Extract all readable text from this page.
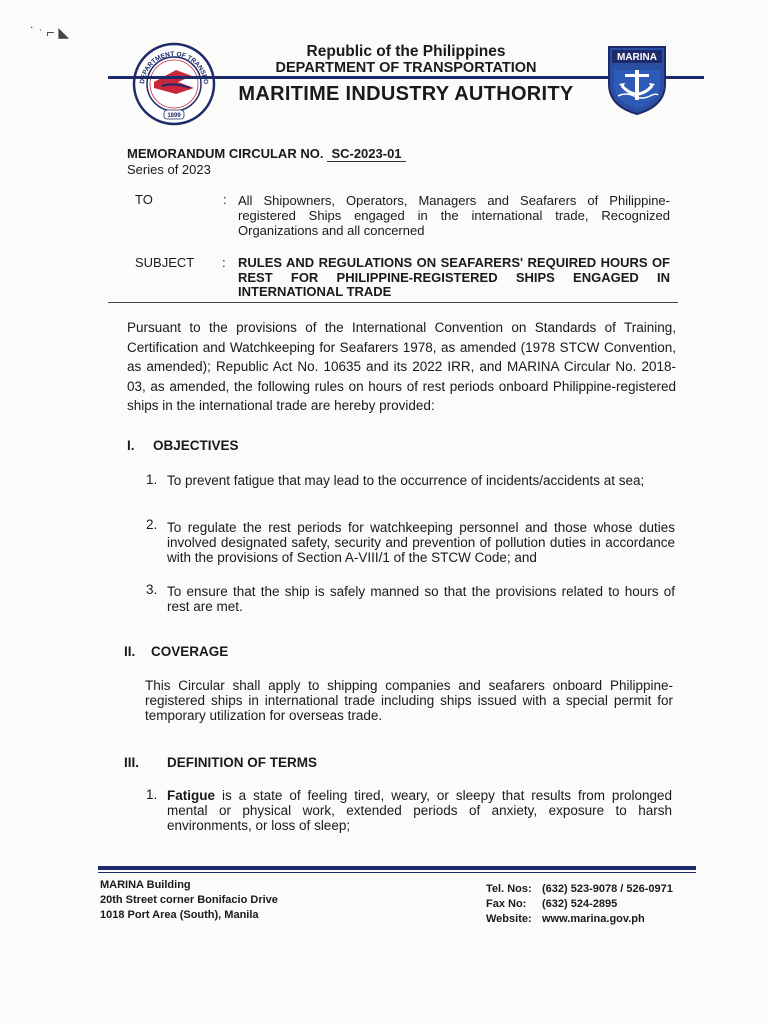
˙ ˑ ⌐ ◣
D PARTMENT OF TRANS O
1899
Republic of the Philippines
DEPARTMENT OF TRANSPORTATION
MARITIME INDUSTRY AUTHORITY
MARINA
MEMORANDUM CIRCULAR NO. SC-2023-01
Series of 2023
TO	: All Shipowners, Operators, Managers and Seafarers of Philippine-registered Ships engaged in the international trade, Recognized Organizations and all concerned
SUBJECT : RULES AND REGULATIONS ON SEAFARERS' REQUIRED HOURS OF REST FOR PHILIPPINE-REGISTERED SHIPS ENGAGED IN INTERNATIONAL TRADE
Pursuant to the provisions of the International Convention on Standards of Training, Certification and Watchkeeping for Seafarers 1978, as amended (1978 STCW Convention, as amended); Republic Act No. 10635 and its 2022 IRR, and MARINA Circular No. 2018-03, as amended, the following rules on hours of rest periods onboard Philippine-registered ships in the international trade are hereby provided:
I. OBJECTIVES
1. To prevent fatigue that may lead to the occurrence of incidents/accidents at sea;
2. To regulate the rest periods for watchkeeping personnel and those whose duties involved designated safety, security and prevention of pollution duties in accordance with the provisions of Section A-VIII/1 of the STCW Code; and
3. To ensure that the ship is safely manned so that the provisions related to hours of rest are met.
II. COVERAGE
This Circular shall apply to shipping companies and seafarers onboard Philippine-registered ships in international trade including ships issued with a special permit for temporary utilization for overseas trade.
III. DEFINITION OF TERMS
1. Fatigue is a state of feeling tired, weary, or sleepy that results from prolonged mental or physical work, extended periods of anxiety, exposure to harsh environments, or loss of sleep;
MARINA Building
20th Street corner Bonifacio Drive
1018 Port Area (South), Manila
Tel. Nos: (632) 523-9078 / 526-0971
Fax No: (632) 524-2895
Website: www.marina.gov.ph
